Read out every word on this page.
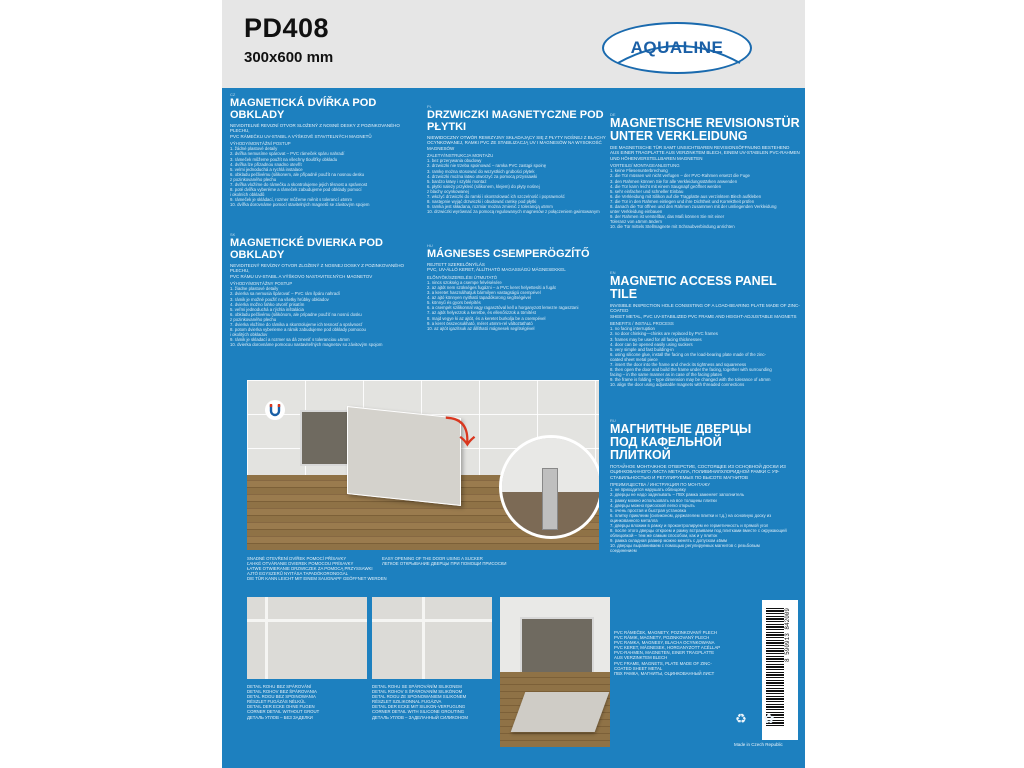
PD408
300x600 mm
AQUALINE
CZ
MAGNETICKÁ DVÍŘKA POD OBKLADY
NEVIDITELNÉ REVIZNÍ OTVOR SLOŽENÝ Z NOSNÉ DESKY Z POZINKOVANÉHO PLECHU,
PVC RÁMEČKU UV-STABIL A VÝŠKOVĚ STAVITELNÝCH MAGNETŮ
VÝHODY/MONTÁŽNÍ POSTUP
1. žádné plastové detaily
2. dvířka nemusíme spárovat – PVC rámeček spáru nahradí
3. rámeček můžeme použít na všechny tloušťky obkladu
4. dvířka lze přizadnou snadno otevřít
5. velmi jednoduchá a rychlá instalace
6. obkladu pečlivému (silikonem, ale případně použít na nosnou desku
z pozinkovaného plechu
7. dvířka vložíme do rámečku a skontrolujeme jejich těsnost a správnost
8. poté dvířka vyberéme a rámeček zabudujeme pod obklady pomocí
i okolních obkladů
9. rámeček je skládací, rozmer můžeme měnit s tolerancí ±5mm
10. dvířka dorovnáme pomocí stavitelných magnetů se závitovým spojem
SK
MAGNETICKÉ DVIERKA POD OBKLADY
NEVIDITEĽNÝ REVÍZNY OTVOR ZLOŽENÝ Z NOSNEJ DOSKY Z POZINKOVANÉHO PLECHU,
PVC RÁMU UV-STABIL A VÝŠKOVO NASTAVITEĽNÝCH MAGNETOV
VÝHODY/MONTÁŽNY POSTUP
1. žiadne plastové detaily
2. dvierka sa nemusia špárovať – PVC rám špáru nahradí
3. rámik je možné použiť na všetky hrúbky obkladov
4. dvierka možno ľahko otvoriť prisatím
5. veľmi jednoduchá a rýchla inštalácia
6. obkladu pečlivému (silikónom, ale prípadne použiť na nosnú dosku
z pozinkovaného plechu
7. dvierka vložíme do rámika a skontrolujeme ich tesnosť a správnosť
8. potom dvierka vyberieme a rámik zabudujeme pod obklady pomocou
i okolitých obkladov
9. rámik je skladací a rozmer sa dá zmeniť s toleranciou ±5mm
10. dvierka dorovnáme pomocou nastaviteľných magnetov so závitovým spojom
PL
DRZWICZKI MAGNETYCZNE POD PŁYTKI
NIEWIDOCZNY OTWÓR REWIZYJNY SKŁADAJĄCY SIĘ Z PŁYTY NOŚNEJ Z BLACHY
OCYNKOWANEJ, RAMKI PVC ZE STABILIZACJĄ UV I MAGNESÓW NA WYSOKOŚĆ
MAGNESÓW
ZALETY/INSTRUKCJA MONTAŻU
1. bez przerywania obudowy
2. drzwiczki nie trzeba spoinować – ramka PVC zastąpi spoinę
3. ramkę można stosować do wszystkich grubości płytek
4. drzwiczki można łatwo otworzyć za pomocą przyssawki
5. bardzo łatwy i szybki montaż
6. płytki należy przykleić (silikonem, klejem) do płyty nośnej
z blachy ocynkowanej
7. włożyć drzwiczki do ramki i skontrolować ich szczelność i poprawność
8. następnie wyjąć drzwiczki i obudować ramkę pod płytki
9. ramka jest składana, rozmiar można zmienić z tolerancją ±5mm
10. drzwiczki wyrównać za pomocą regulowanych magnesów z połączeniem gwintowanym
HU
MÁGNESES CSEMPERÖGZÍTŐ
REJTETT SZERELŐNYÍLÁS
PVC, UV-ÁLLÓ KERET, ÁLLÍTHATÓ MAGASSÁGÚ MÁGNESEKKEL
ELŐNYÖK/SZERELÉSI ÚTMUTATÓ
1. nincs szükség a csempe felvésésére
2. az ajtót nem szükséges fugázni – a PVC keret helyettesíti a fugát
3. a keretet használhatjuk bármilyen vastagságú csempével
4. az ajtó könnyen nyitható tapadókorong segítségével
5. könnyű és gyors beépítés
6. a csempét szilikonnal vagy ragasztóval kell a horganyzott lemezre ragasztani
7. az ajtót helyezzük a keretbe, és ellenőrizzük a tömítést
8. majd vegye ki az ajtót, és a keretet burkolja be a csempével
9. a keret összecsukható, méret ±5mm-rel változtatható
10. az ajtót igazítsuk az állítható mágnesek segítségével
DE
MAGNETISCHE REVISIONSTÜR UNTER VERKLEIDUNG
DIE MAGNETISCHE TÜR SAMT UNSICHTBAREN REVISIONSÖFFNUNG BESTEHEND
AUS EINER TRAGPLATTE AUS VERZINKTEM BLECH, EINEM UV-STABILEN PVC-RAHMEN
UND HÖHENVERSTELLBAREN MAGNETEN
VORTEILE/ MONTAGEANLEITUNG
1. keine Fliesenunterbrechung
2. die Tür müssen wir nicht verfugen – der PVC-Rahmen ersetzt die Fuge
3. den Rahmen können Sie für alle Verkleidungsstärken anwenden
4. die Tür kann leicht mit einem Saugnapf geöffnet werden
5. sehr einfacher und schneller Einbau
6. die Verkleidung mit Silikon auf die Tragplatte aus verzinktem Blech aufkleben
7. die Tür in den Rahmen einlegen und ihre Dichtheit und Korrektheit prüfen
8. danach die Tür öffnen und den Rahmen zusammen mit der umliegenden Verkleidung
unter Verkleidung einbauen
9. der Rahmen ist verstellbar, das Maß können Sie mit einer
Toleranz von ±5mm ändern
10. die Tür mittels Stellmagnete mit Schraubverbindung anrichten
EN
MAGNETIC ACCESS PANEL TILE
INVISIBLE INSPECTION HOLE CONSISTING OF A LOAD-BEARING PLATE MADE OF ZINC-COATED
SHEET METAL, PVC UV-STABILIZED PVC FRAME AND HEIGHT-ADJUSTABLE MAGNETS
BENEFITS / INSTALL PROCESS
1. no facing interruption
2. no door chinking—chinks are replaced by PVC frames
3. frames may be used for all facing thicknesses
4. door can be opened easily using suckers
5. very simple and fast building-in
6. using silicone glue, install the facing on the load-bearing plate made of the zinc-
coated sheet metal piece
7. insert the door into the frame and check its tightness and squareness
8. then open the door and build the frame under the facing, together with surrounding
facing – in the same manner as in case of the facing plates
9. the frame is folding – type dimension may be changed with the tolerance of ±5mm
10. align the door using adjustable magnets with threaded connections
RU
МАГНИТНЫЕ ДВЕРЦЫ ПОД КАФЕЛЬНОЙ ПЛИТКОЙ
ПОТАЙНОЕ МОНТАЖНОЕ ОТВЕРСТИЕ, СОСТОЯЩЕЕ ИЗ ОСНОВНОЙ ДОСКИ ИЗ
ОЦИНКОВАННОГО ЛИСТА МЕТАЛЛА, ПОЛИВИНИЛХЛОРИДНОЙ РАМКИ С УФ-
СТАБИЛЬНОСТЬЮ И РЕГУЛИРУЕМЫХ ПО ВЫСОТЕ МАГНИТОВ
ПРЕИМУЩЕСТВА / ИНСТРУКЦИЯ ПО МОНТАЖУ
1. не приходится нарушать облицовку
2. дверцы не надо заделывать – ПВХ рамка заменяет заполнитель
3. рамку можно использовать на все толщины плитки
4. дверцы можно присоской легко открыть
5. очень простая и быстрая установка
6. плитку приклеим (силиконом, держателем плитки и т.д.) на основную доску из
оцинкованного металла
7. дверцы вложим в рамку и проконтролируем ее герметичность и прямой угол
8. после этого дверцы откроем и рамку встраиваем под плитками вместе с окружающей
облицовкой – тем же самым способом, как и у плиток
9. рамка складная размер можно менять с допуском ±5мм
10. дверцы выравниваем с помощью регулируемых магнитов с резьбовым
соединением
⤵
SNADNÉ OTEVŘENÍ DVÍŘEK POMOCÍ PŘÍSAVKY
ĽAHKÉ OTVÁRANIE DVIEREK POMOCOU PRÍSAVKY
ŁATWE OTWIERANIE DRZWICZEK ZA POMOCĄ PRZYSSAWKI
AJTÓ EGYSZERŰ NYITÁSA TAPADÓKORONGGAL
DIE TÜR KANN LEICHT MIT EINEM SAUGNAPF GEÖFFNET WERDEN
EASY OPENING OF THE DOOR USING A SUCKER
ЛЕГКОЕ ОТКРЫВАНИЕ ДВЕРЦЫ ПРИ ПОМОЩИ ПРИСОСКИ
DETAIL ROHU BEZ SPÁROVÁNÍ
DETAIL ROHOV BEZ ŠPÁROVANIA
DETAL ROGU BEZ SPOINOWANIA
RÉSZLET FUGÁZÁS NÉLKÜL
DETAIL DER ECKE OHNE FUGEN
CORNER DETAIL WITHOUT GROUT
ДЕТАЛЬ УГЛОВ – БЕЗ ЗАДЕЛКИ
DETAIL ROHU SE SPÁROVÁNÍM SILIKONEM
DETAIL ROHOV S ŠPÁROVANÍM SILIKÓNOM
DETAL ROGU ZE SPOINOWANIEM SILIKONEM
RÉSZLET SZILIKONNAL FUGÁZVA
DETAIL DER ECKE MIT SILIKON-VERFUGUNG
CORNER DETAIL WITH SILICONE GROUTING
ДЕТАЛЬ УГЛОВ – ЗАДЕЛАННЫЙ СИЛИКОНОМ
PVC RÁMEČEK, MAGNETY, POZINKOVANÝ PLECH
PVC RÁMIK, MAGNETY, POZINKOVANÝ PLECH
PVC RAMKA, MAGNESY, BLACHA OCYNKOWANA
PVC KERET, MÁGNESEK, HORGANYZOTT ACÉLLAP
PVC-RAHMEN, MAGNETEN, EINER TRAGPLATTE
AUS VERZINKTEM BLECH
PVC FRAME, MAGNETS, PLATE MADE OF ZINC-
COATED SHEET METAL
ПВХ РАМКА, МАГНИТЫ, ОЦИНКОВАННЫЙ ЛИСТ
8 590913 842009
♻ ✿
Made in Czech Republic
